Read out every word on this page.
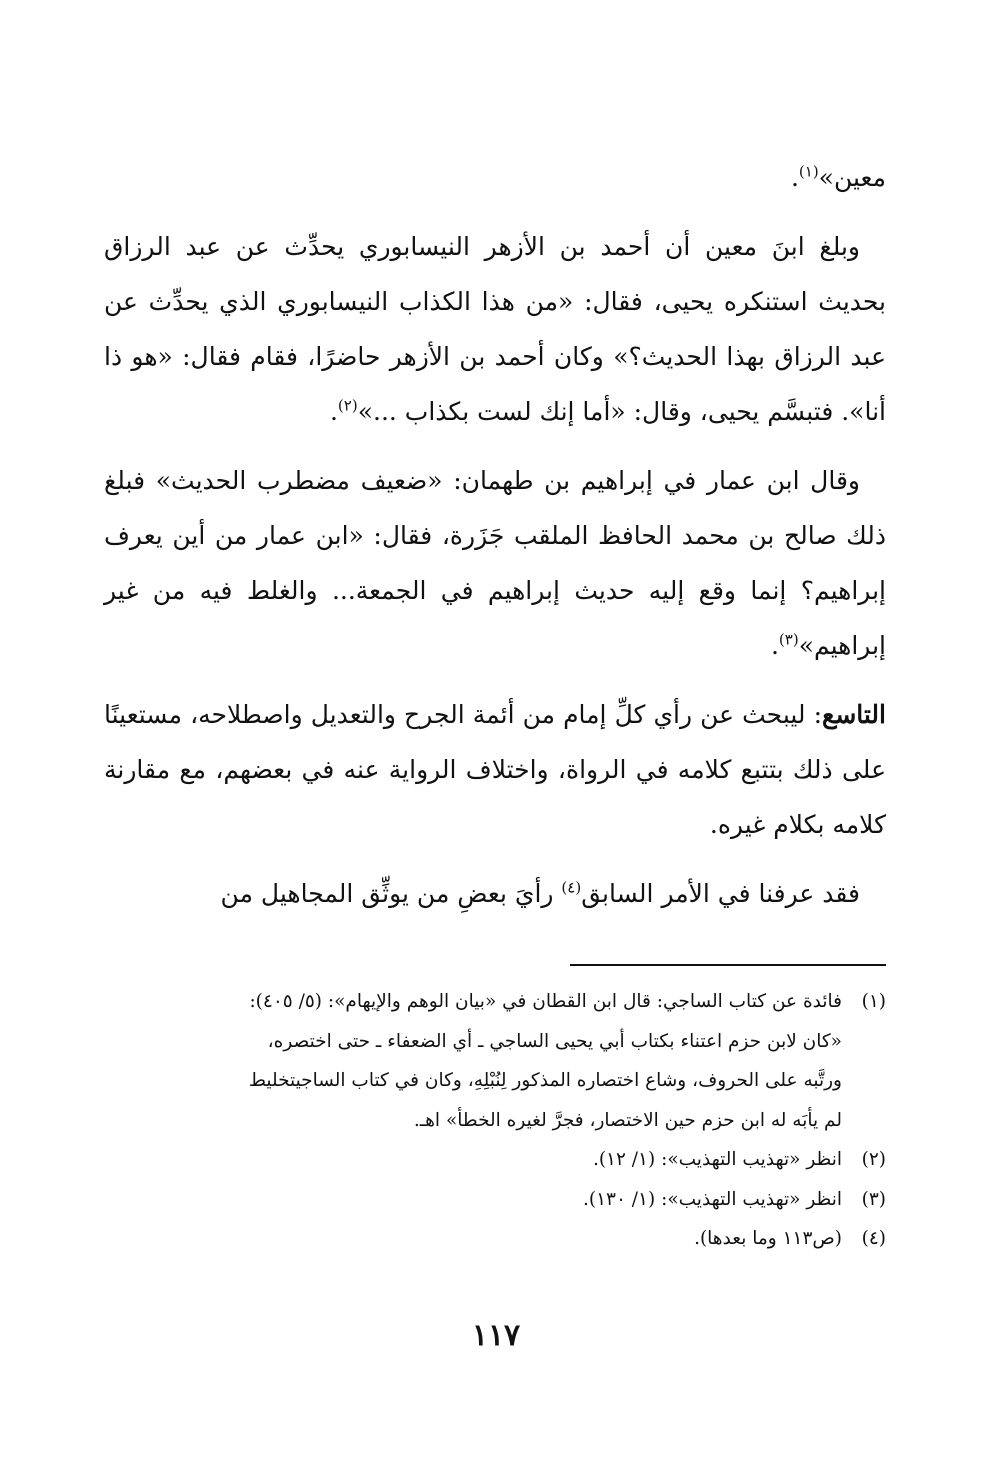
معين»$^{(١)}$.

وبلغ ابنَ معين أن أحمد بن الأزهر النيسابوري يحدِّث عن عبد الرزاق بحديث استنكره يحيى، فقال: «من هذا الكذاب النيسابوري الذي يحدِّث عن عبد الرزاق بهذا الحديث؟» وكان أحمد بن الأزهر حاضرًا، فقام فقال: «هو ذا أنا». فتبسَّم يحيى، وقال: «أما إنك لست بكذاب ...»$^{(٢)}$.

وقال ابن عمار في إبراهيم بن طهمان: «ضعيف مضطرب الحديث» فبلغ ذلك صالح بن محمد الحافظ الملقب جَزَرة، فقال: «ابن عمار من أين يعرف إبراهيم؟ إنما وقع إليه حديث إبراهيم في الجمعة... والغلط فيه من غير إبراهيم»$^{(٣)}$.

التاسع: ليبحث عن رأي كلِّ إمام من أئمة الجرح والتعديل واصطلاحه، مستعينًا على ذلك بتتبع كلامه في الرواة، واختلاف الرواية عنه في بعضهم، مع مقارنة كلامه بكلام غيره.

فقد عرفنا في الأمر السابق$^{(٤)}$ رأيَ بعضِ من يوثِّق المجاهيل من

(١)
فائدة عن كتاب الساجي: قال ابن القطان في «بيان الوهم والإيهام»: (٥/ ٤٠٥):
«كان لابن حزم اعتناء بكتاب أبي يحيى الساجي ـ أي الضعفاء ـ حتى اختصره،
ورتَّبه على الحروف، وشاع اختصاره المذكور لِنُبْلِهِ، وكان في كتاب الساجيتخليط
لم يأبَه له ابن حزم حين الاختصار، فجرَّ لغيره الخطأ» اهـ.
(٢)
انظر «تهذيب التهذيب»: (١/ ١٢).
(٣)
انظر «تهذيب التهذيب»: (١/ ١٣٠).
(٤)
(ص١١٣ وما بعدها).
١١٧
